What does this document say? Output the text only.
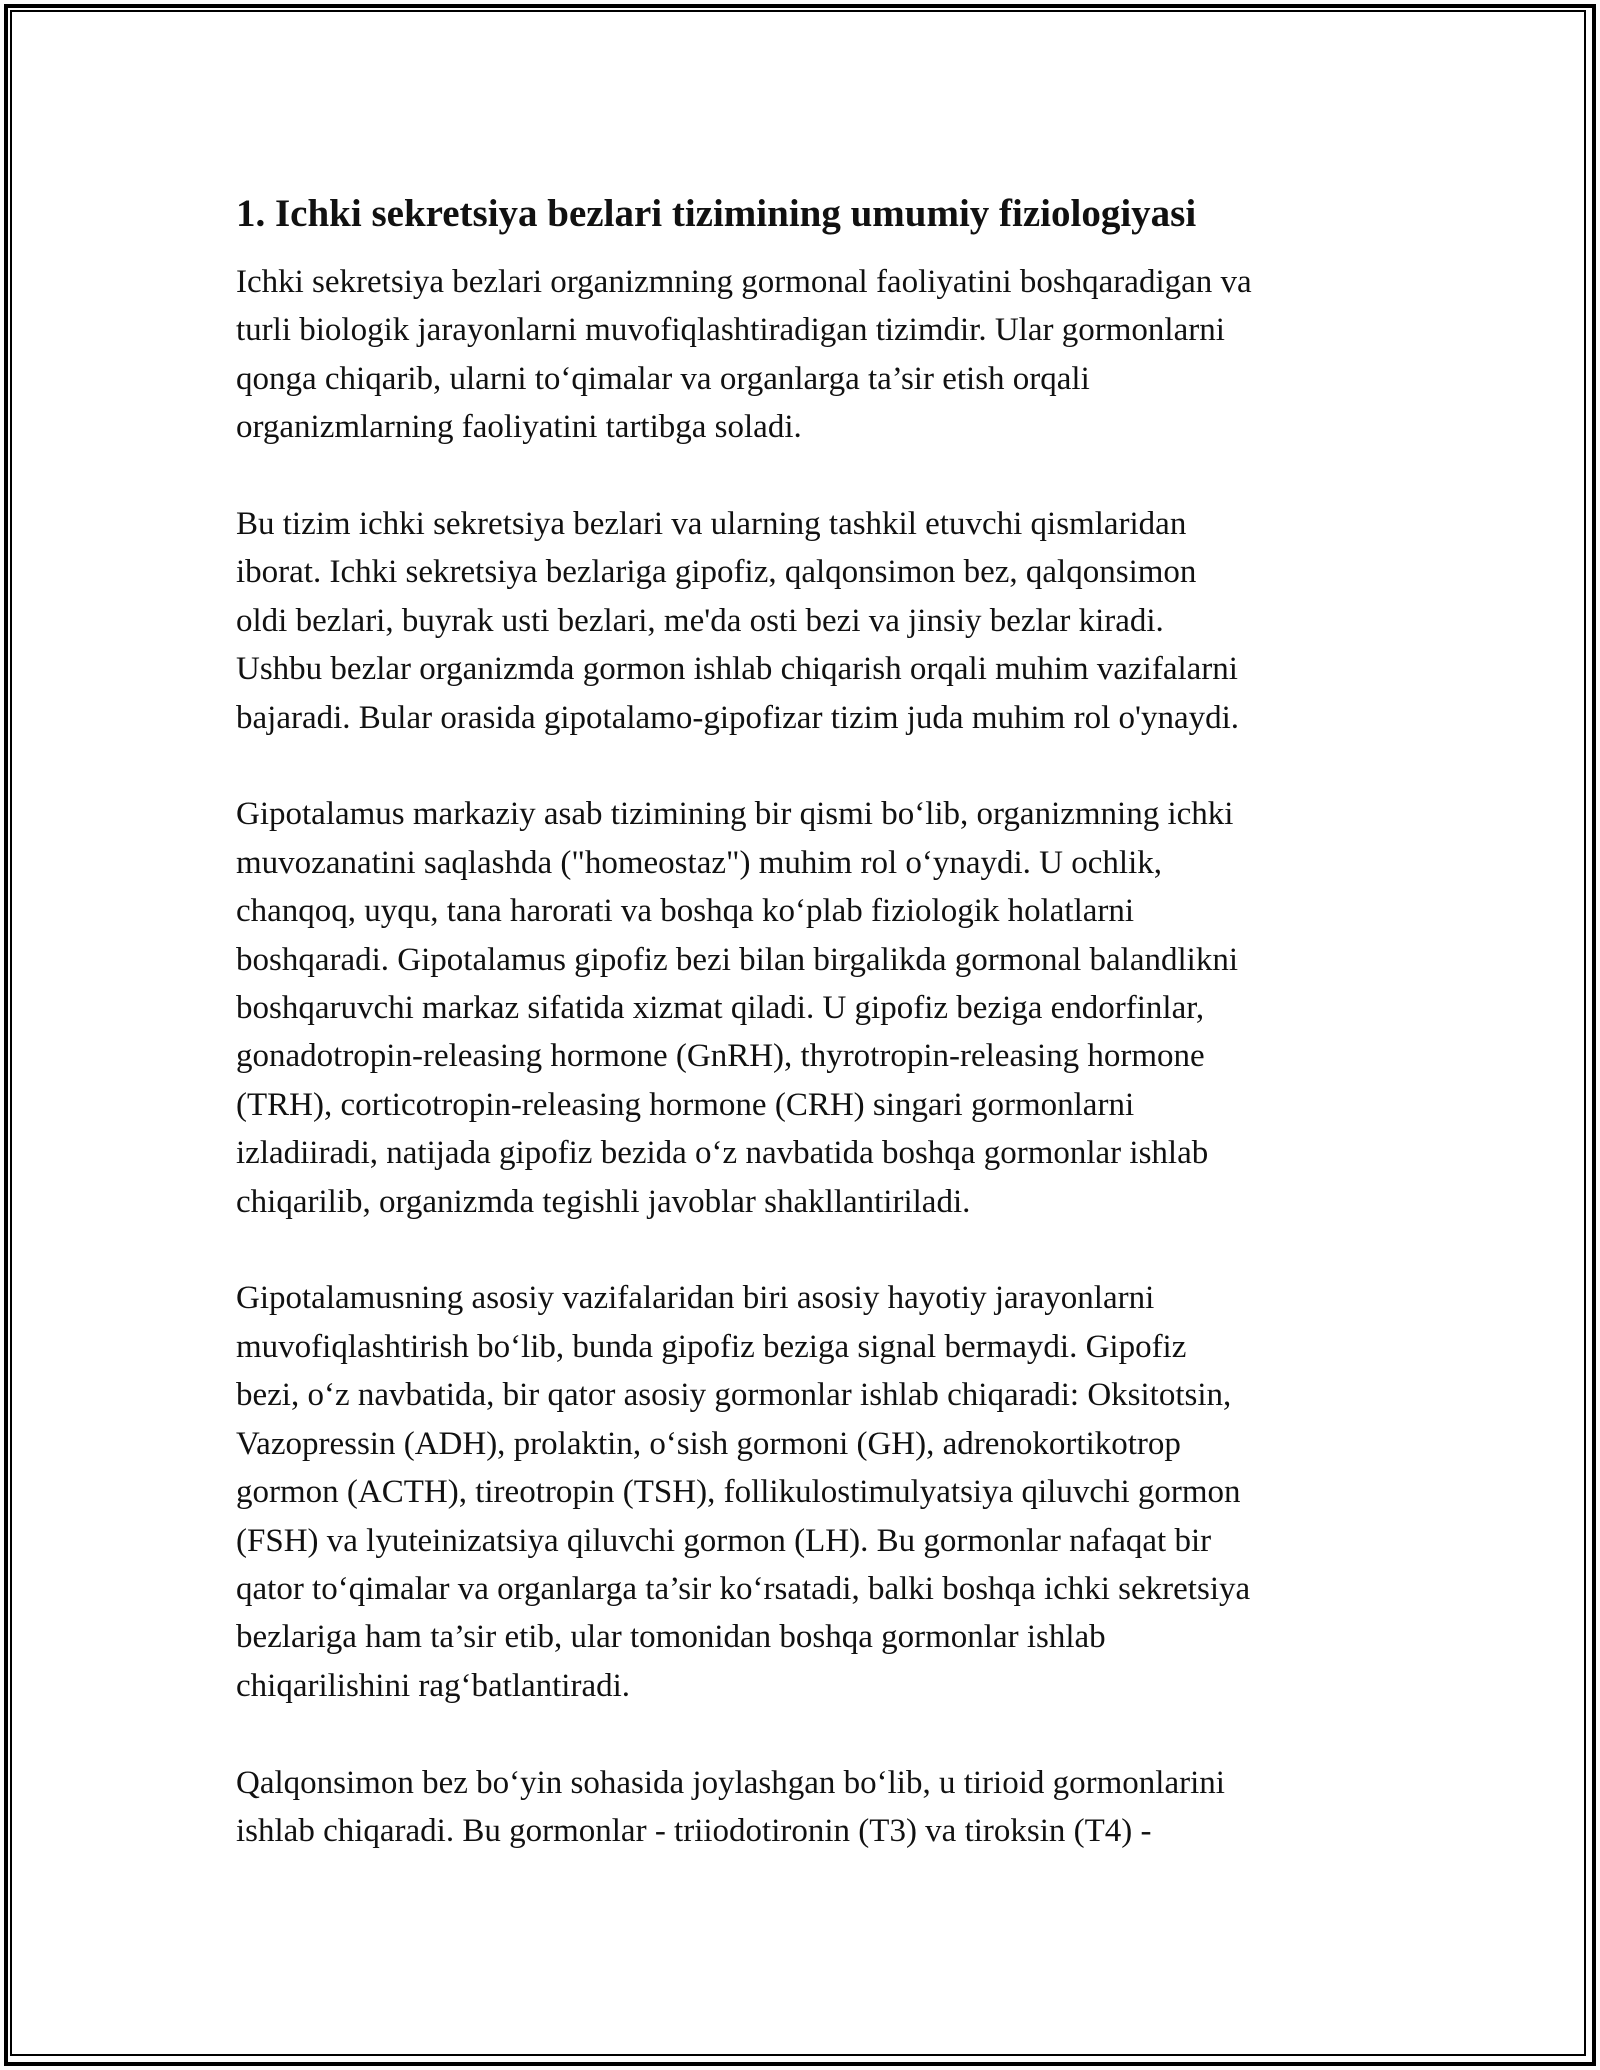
1. Ichki sekretsiya bezlari tizimining umumiy fiziologiyasi

Ichki sekretsiya bezlari organizmning gormonal faoliyatini boshqaradigan va
turli biologik jarayonlarni muvofiqlashtiradigan tizimdir. Ular gormonlarni
qonga chiqarib, ularni to‘qimalar va organlarga ta’sir etish orqali
organizmlarning faoliyatini tartibga soladi.

Bu tizim ichki sekretsiya bezlari va ularning tashkil etuvchi qismlaridan
iborat. Ichki sekretsiya bezlariga gipofiz, qalqonsimon bez, qalqonsimon
oldi bezlari, buyrak usti bezlari, me'da osti bezi va jinsiy bezlar kiradi.
Ushbu bezlar organizmda gormon ishlab chiqarish orqali muhim vazifalarni
bajaradi. Bular orasida gipotalamo-gipofizar tizim juda muhim rol o'ynaydi.

Gipotalamus markaziy asab tizimining bir qismi bo‘lib, organizmning ichki
muvozanatini saqlashda ("homeostaz") muhim rol o‘ynaydi. U ochlik,
chanqoq, uyqu, tana harorati va boshqa ko‘plab fiziologik holatlarni
boshqaradi. Gipotalamus gipofiz bezi bilan birgalikda gormonal balandlikni
boshqaruvchi markaz sifatida xizmat qiladi. U gipofiz beziga endorfinlar,
gonadotropin-releasing hormone (GnRH), thyrotropin-releasing hormone
(TRH), corticotropin-releasing hormone (CRH) singari gormonlarni
izladiiradi, natijada gipofiz bezida o‘z navbatida boshqa gormonlar ishlab
chiqarilib, organizmda tegishli javoblar shakllantiriladi.

Gipotalamusning asosiy vazifalaridan biri asosiy hayotiy jarayonlarni
muvofiqlashtirish bo‘lib, bunda gipofiz beziga signal bermaydi. Gipofiz
bezi, o‘z navbatida, bir qator asosiy gormonlar ishlab chiqaradi: Oksitotsin,
Vazopressin (ADH), prolaktin, o‘sish gormoni (GH), adrenokortikotrop
gormon (ACTH), tireotropin (TSH), follikulostimulyatsiya qiluvchi gormon
(FSH) va lyuteinizatsiya qiluvchi gormon (LH). Bu gormonlar nafaqat bir
qator to‘qimalar va organlarga ta’sir ko‘rsatadi, balki boshqa ichki sekretsiya
bezlariga ham ta’sir etib, ular tomonidan boshqa gormonlar ishlab
chiqarilishini rag‘batlantiradi.

Qalqonsimon bez bo‘yin sohasida joylashgan bo‘lib, u tirioid gormonlarini
ishlab chiqaradi. Bu gormonlar - triiodotironin (T3) va tiroksin (T4) -
